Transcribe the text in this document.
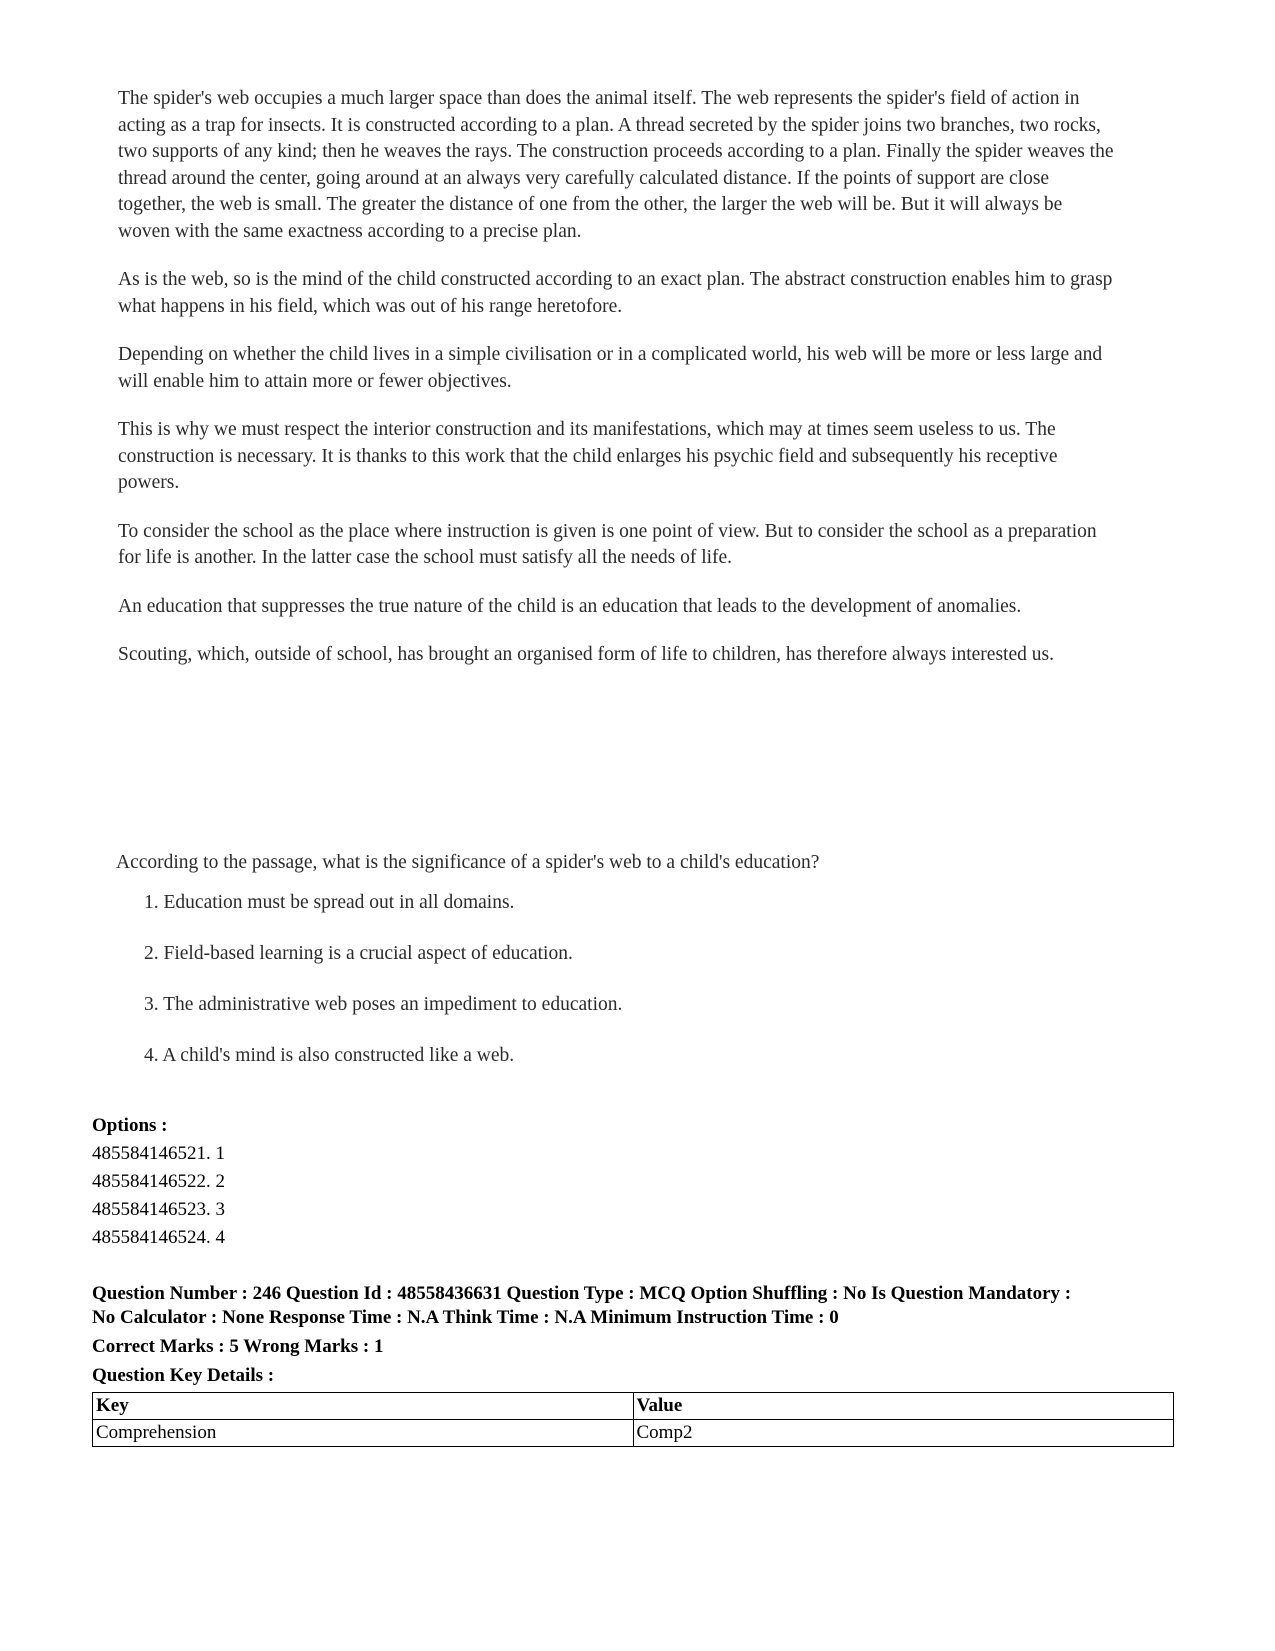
The spider's web occupies a much larger space than does the animal itself. The web represents the spider's field of action in acting as a trap for insects. It is constructed according to a plan. A thread secreted by the spider joins two branches, two rocks, two supports of any kind; then he weaves the rays. The construction proceeds according to a plan. Finally the spider weaves the thread around the center, going around at an always very carefully calculated distance. If the points of support are close together, the web is small. The greater the distance of one from the other, the larger the web will be. But it will always be woven with the same exactness according to a precise plan.

As is the web, so is the mind of the child constructed according to an exact plan. The abstract construction enables him to grasp what happens in his field, which was out of his range heretofore.

Depending on whether the child lives in a simple civilisation or in a complicated world, his web will be more or less large and will enable him to attain more or fewer objectives.

This is why we must respect the interior construction and its manifestations, which may at times seem useless to us. The construction is necessary. It is thanks to this work that the child enlarges his psychic field and subsequently his receptive powers.

To consider the school as the place where instruction is given is one point of view. But to consider the school as a preparation for life is another. In the latter case the school must satisfy all the needs of life.

An education that suppresses the true nature of the child is an education that leads to the development of anomalies.

Scouting, which, outside of school, has brought an organised form of life to children, has therefore always interested us.

According to the passage, what is the significance of a spider's web to a child's education?

1. Education must be spread out in all domains.
2. Field-based learning is a crucial aspect of education.
3. The administrative web poses an impediment to education.
4. A child's mind is also constructed like a web.
Options :
485584146521. 1
485584146522. 2
485584146523. 3
485584146524. 4
Question Number : 246 Question Id : 48558436631 Question Type : MCQ Option Shuffling : No Is Question Mandatory :
No Calculator : None Response Time : N.A Think Time : N.A Minimum Instruction Time : 0
Correct Marks : 5 Wrong Marks : 1
Question Key Details :
Key	Value
Comprehension	Comp2
